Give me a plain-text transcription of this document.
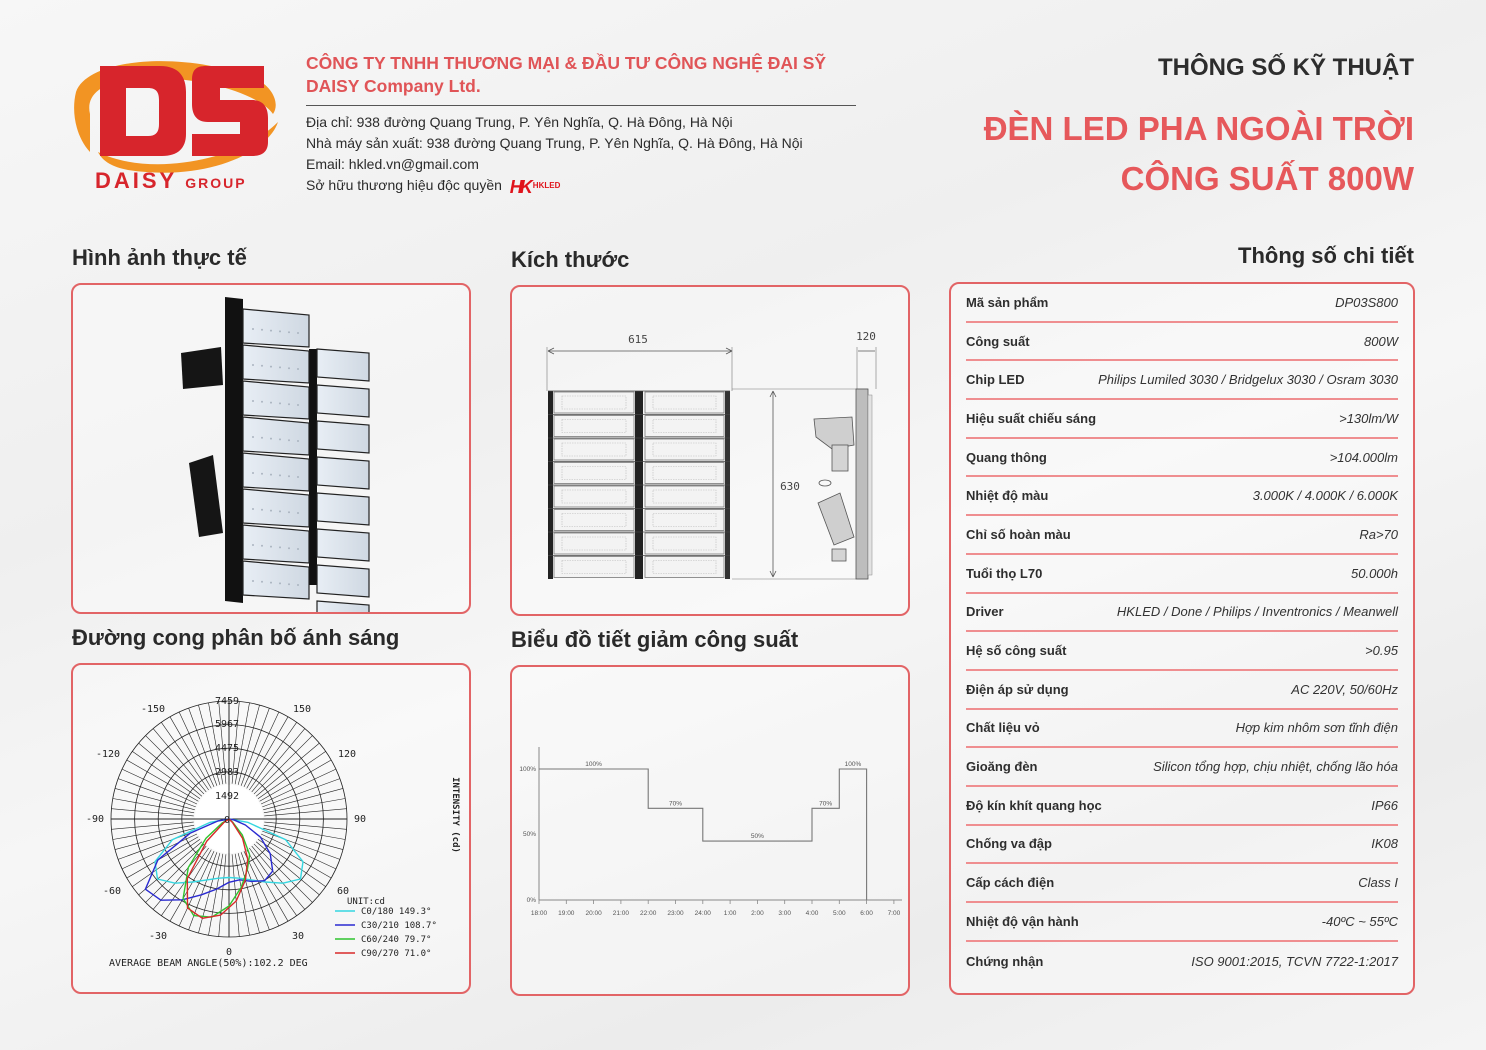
DAISY GROUP
CÔNG TY TNHH THƯƠNG MẠI & ĐẦU TƯ CÔNG NGHỆ ĐẠI SỸ
DAISY Company Ltd.
Địa chỉ: 938 đường Quang Trung, P. Yên Nghĩa, Q. Hà Đông, Hà Nội
Nhà máy sản xuất: 938 đường Quang Trung, P. Yên Nghĩa, Q. Hà Đông, Hà Nội
Email: hkled.vn@gmail.com
Sở hữu thương hiệu độc quyền HK HKLED
THÔNG SỐ KỸ THUẬT
ĐÈN LED PHA NGOÀI TRỜI
CÔNG SUẤT 800W
Hình ảnh thực tế	Kích thước
615
630
120
Thông số chi tiết
Mã sản phẩm	DP03S800
Công suất	800W
Chip LED	Philips Lumiled 3030 / Bridgelux 3030 / Osram 3030
Hiệu suất chiếu sáng	>130lm/W
Quang thông	>104.000lm
Nhiệt độ màu	3.000K / 4.000K / 6.000K
Chỉ số hoàn màu	Ra>70
Tuổi thọ L70	50.000h
Driver	HKLED / Done / Philips / Inventronics / Meanwell
Hệ số công suất	>0.95
Điện áp sử dụng	AC 220V, 50/60Hz
Chất liệu vỏ	Hợp kim nhôm sơn tĩnh điện
Gioăng đèn	Silicon tổng hợp, chịu nhiệt, chống lão hóa
Độ kín khít quang học	IP66
Chống va đập	IK08
Cấp cách điện	Class I
Nhiệt độ vận hành	-40ºC ~ 55ºC
Chứng nhận	ISO 9001:2015, TCVN 7722-1:2017
Đường cong phân bố ánh sáng
7459
5967
4475
2983
1492
0
-150	150
-120	120
-90	90
-60	60
-30	30
0
AVERAGE BEAM ANGLE(50%):102.2 DEG
UNIT:cd
C0/180 149.3°
C30/210 108.7°
C60/240 79.7°
C90/270 71.0°
INTENSITY (cd)
Biểu đồ tiết giảm công suất
18:00 19:00 20:00 21:00 22:00 23:00 24:00 1:00 2:00 3:00 4:00 5:00 6:00 7:00
0%
50%
100%
100%
70%
50%
70%
100%
